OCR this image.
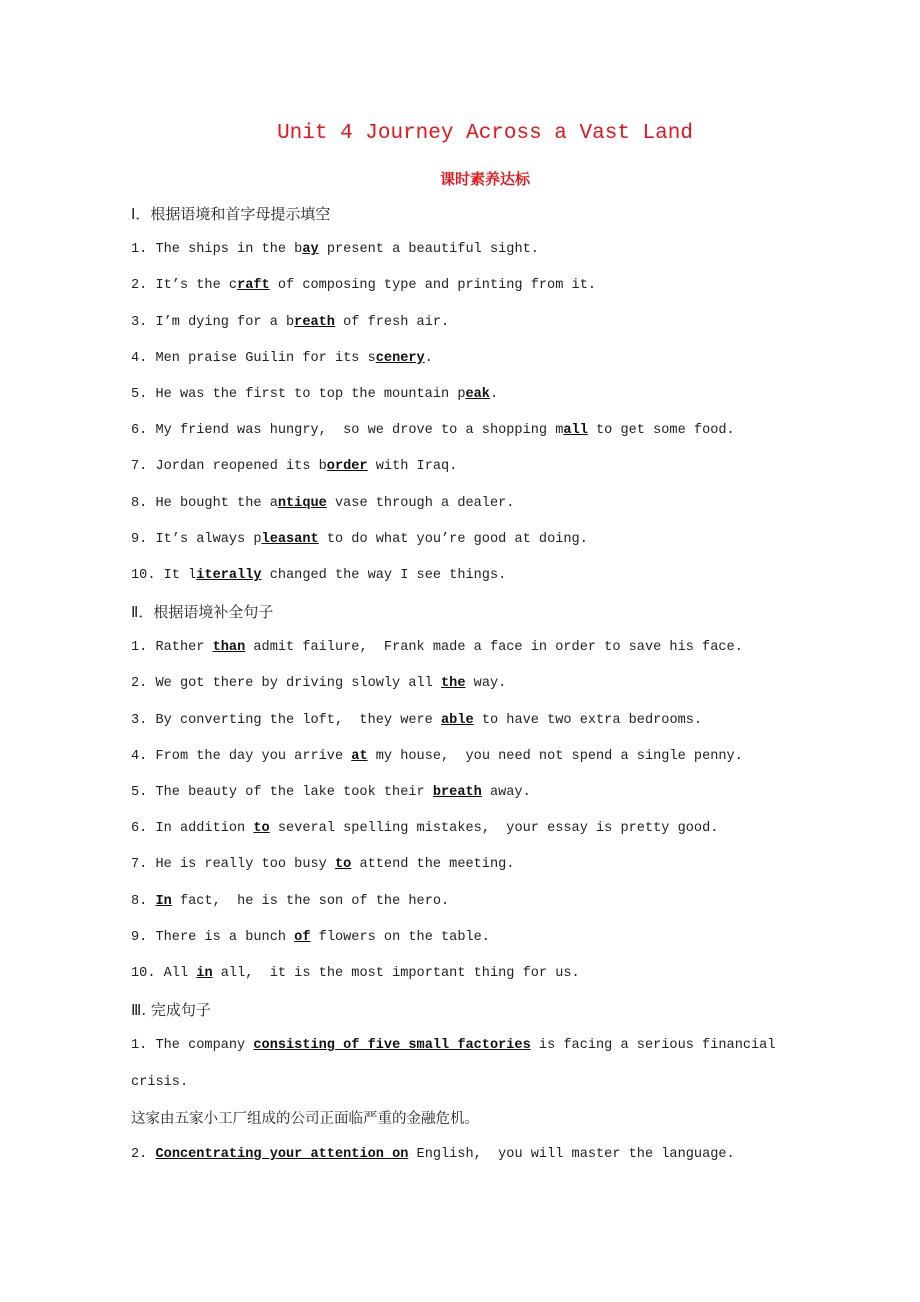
Unit 4 Journey Across a Vast Land
课时素养达标
Ⅰ．根据语境和首字母提示填空
1. The ships in the bay present a beautiful sight.
2. It’s the craft of composing type and printing from it.
3. I’m dying for a breath of fresh air.
4. Men praise Guilin for its scenery.
5. He was the first to top the mountain peak.
6. My friend was hungry,  so we drove to a shopping mall to get some food.
7. Jordan reopened its border with Iraq.
8. He bought the antique vase through a dealer.
9. It’s always pleasant to do what you’re good at doing.
10. It literally changed the way I see things.
Ⅱ．根据语境补全句子
1. Rather than admit failure,  Frank made a face in order to save his face.
2. We got there by driving slowly all the way.
3. By converting the loft,  they were able to have two extra bedrooms.
4. From the day you arrive at my house,  you need not spend a single penny.
5. The beauty of the lake took their breath away.
6. In addition to several spelling mistakes,  your essay is pretty good.
7. He is really too busy to attend the meeting.
8. In fact,  he is the son of the hero.
9. There is a bunch of flowers on the table.
10. All in all,  it is the most important thing for us.
Ⅲ. 完成句子
1. The company consisting of five small factories is facing a serious financial
crisis.
这家由五家小工厂组成的公司正面临严重的金融危机。
2. Concentrating your attention on English,  you will master the language.
